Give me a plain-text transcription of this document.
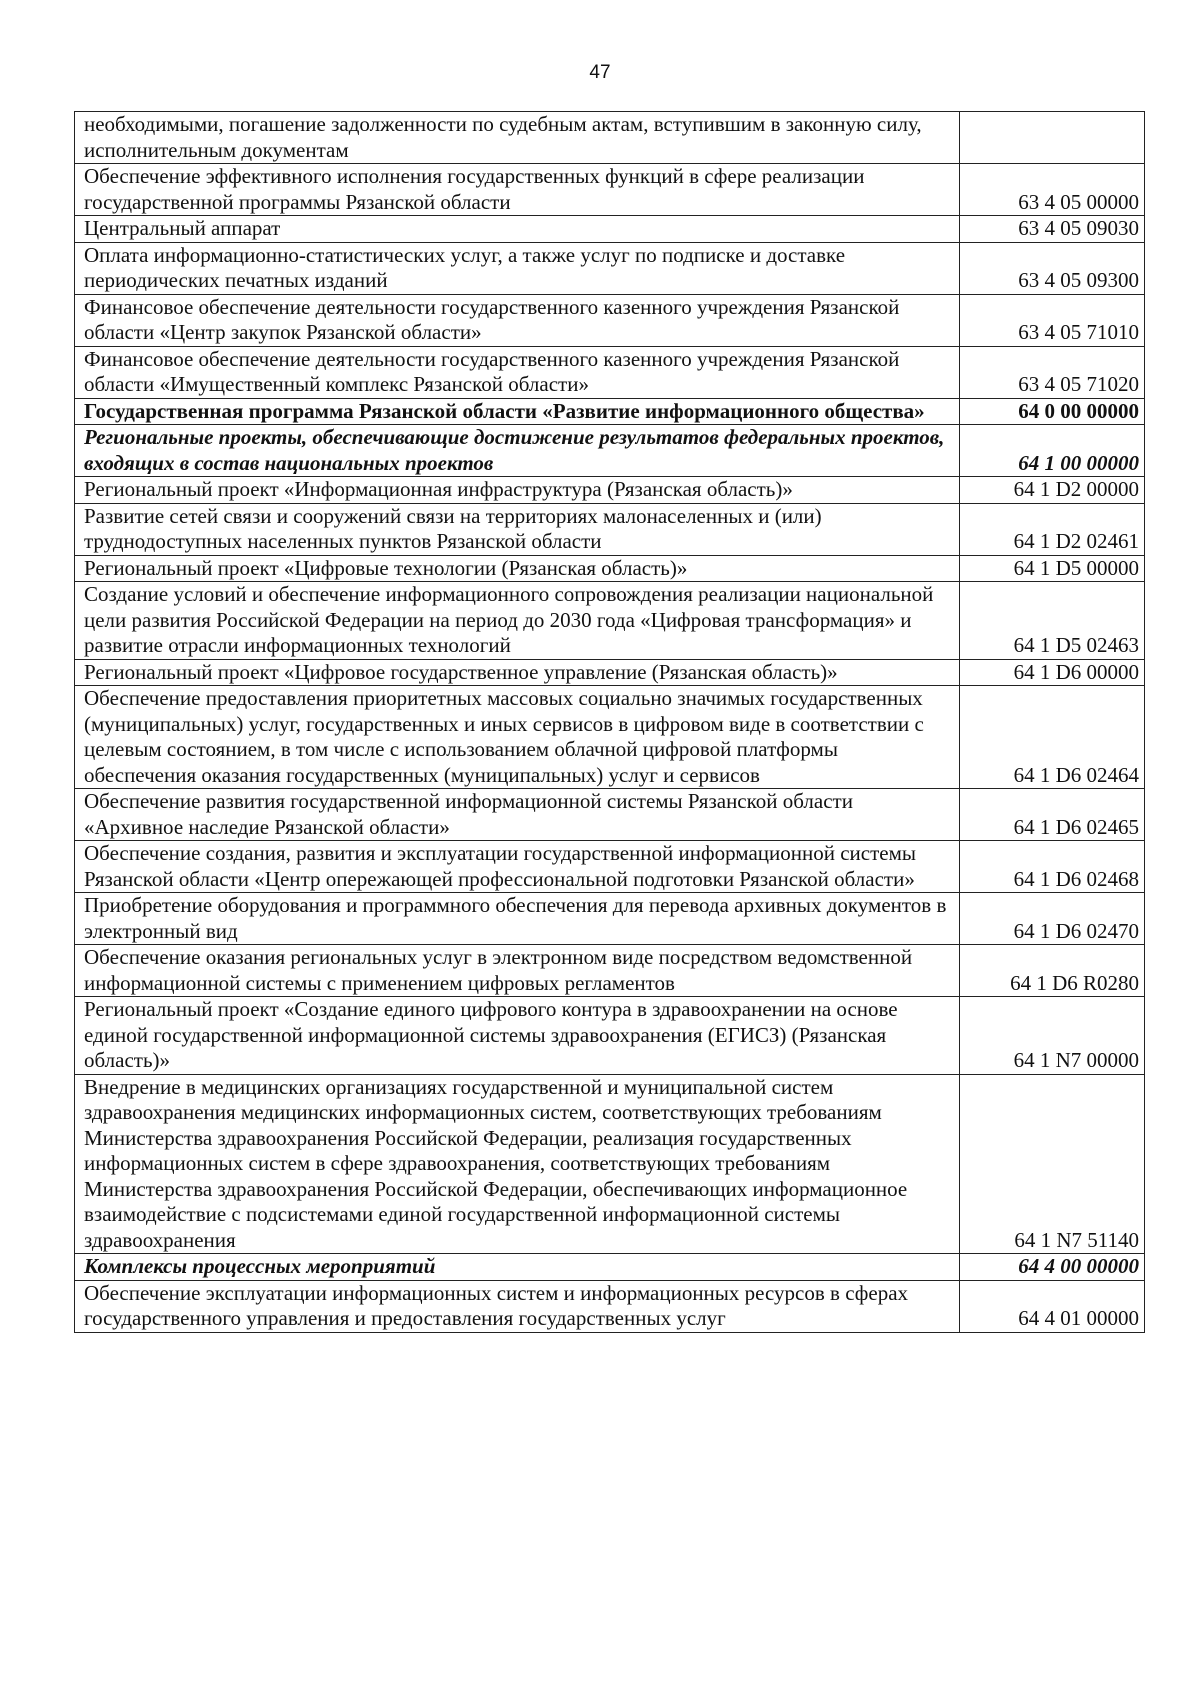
47
необходимыми, погашение задолженности по судебным актам, вступившим в законную силу, исполнительным документам	
Обеспечение эффективного исполнения государственных функций в сфере реализации государственной программы Рязанской области	63 4 05 00000
Центральный аппарат	63 4 05 09030
Оплата информационно-статистических услуг, а также услуг по подписке и доставке периодических печатных изданий	63 4 05 09300
Финансовое обеспечение деятельности государственного казенного учреждения Рязанской области «Центр закупок Рязанской области»	63 4 05 71010
Финансовое обеспечение деятельности государственного казенного учреждения Рязанской области «Имущественный комплекс Рязанской области»	63 4 05 71020
Государственная программа Рязанской области «Развитие информационного общества»	64 0 00 00000
Региональные проекты, обеспечивающие достижение результатов федеральных проектов, входящих в состав национальных проектов	64 1 00 00000
Региональный проект «Информационная инфраструктура (Рязанская область)»	64 1 D2 00000
Развитие сетей связи и сооружений связи на территориях малонаселенных и (или) труднодоступных населенных пунктов Рязанской области	64 1 D2 02461
Региональный проект «Цифровые технологии (Рязанская область)»	64 1 D5 00000
Создание условий и обеспечение информационного сопровождения реализации национальной цели развития Российской Федерации на период до 2030 года «Цифровая трансформация» и развитие отрасли информационных технологий	64 1 D5 02463
Региональный проект «Цифровое государственное управление (Рязанская область)»	64 1 D6 00000
Обеспечение предоставления приоритетных массовых социально значимых государственных (муниципальных) услуг, государственных и иных сервисов в цифровом виде в соответствии с целевым состоянием, в том числе с использованием облачной цифровой платформы обеспечения оказания государственных (муниципальных) услуг и сервисов	64 1 D6 02464
Обеспечение развития государственной информационной системы Рязанской области «Архивное наследие Рязанской области»	64 1 D6 02465
Обеспечение создания, развития и эксплуатации государственной информационной системы Рязанской области «Центр опережающей профессиональной подготовки Рязанской области»	64 1 D6 02468
Приобретение оборудования и программного обеспечения для перевода архивных документов в электронный вид	64 1 D6 02470
Обеспечение оказания региональных услуг в электронном виде посредством ведомственной информационной системы с применением цифровых регламентов	64 1 D6 R0280
Региональный проект «Создание единого цифрового контура в здравоохранении на основе единой государственной информационной системы здравоохранения (ЕГИСЗ) (Рязанская область)»	64 1 N7 00000
Внедрение в медицинских организациях государственной и муниципальной систем здравоохранения медицинских информационных систем, соответствующих требованиям Министерства здравоохранения Российской Федерации, реализация государственных информационных систем в сфере здравоохранения, соответствующих требованиям Министерства здравоохранения Российской Федерации, обеспечивающих информационное взаимодействие с подсистемами единой государственной информационной системы здравоохранения	64 1 N7 51140
Комплексы процессных мероприятий	64 4 00 00000
Обеспечение эксплуатации информационных систем и информационных ресурсов в сферах государственного управления и предоставления государственных услуг	64 4 01 00000
